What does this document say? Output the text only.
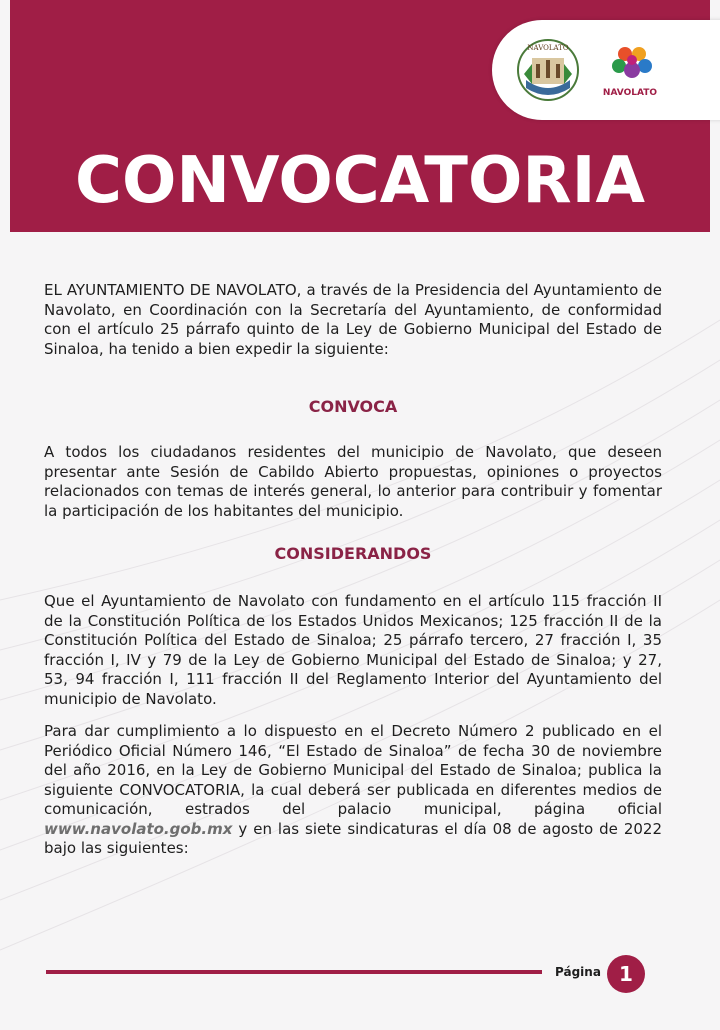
NAVOLATO
NAVOLATO
CONVOCATORIA
EL AYUNTAMIENTO DE NAVOLATO, a través de la Presidencia del Ayuntamiento de Navolato, en Coordinación con la Secretaría del Ayuntamiento, de conformidad con el artículo 25 párrafo quinto de la Ley de Gobierno Municipal del Estado de Sinaloa, ha tenido a bien expedir la siguiente:
CONVOCA
A todos los ciudadanos residentes del municipio de Navolato, que deseen presentar ante Sesión de Cabildo Abierto propuestas, opiniones o proyectos relacionados con temas de interés general, lo anterior para contribuir y fomentar la participación de los habitantes del municipio.
CONSIDERANDOS
Que el Ayuntamiento de Navolato con fundamento en el artículo 115 fracción II de la Constitución Política de los Estados Unidos Mexicanos; 125 fracción II de la Constitución Política del Estado de Sinaloa; 25 párrafo tercero, 27 fracción I, 35 fracción I, IV y 79 de la Ley de Gobierno Municipal del Estado de Sinaloa; y 27, 53, 94 fracción I, 111 fracción II del Reglamento Interior del Ayuntamiento del municipio de Navolato.
Para dar cumplimiento a lo dispuesto en el Decreto Número 2 publicado en el Periódico Oficial Número 146, “El Estado de Sinaloa” de fecha 30 de noviembre del año 2016, en la Ley de Gobierno Municipal del Estado de Sinaloa; publica la siguiente CONVOCATORIA, la cual deberá ser publicada en diferentes medios de comunicación, estrados del palacio municipal, página oficial www.navolato.gob.mx y en las siete sindicaturas el día 08 de agosto de 2022 bajo las siguientes:
Página 1
